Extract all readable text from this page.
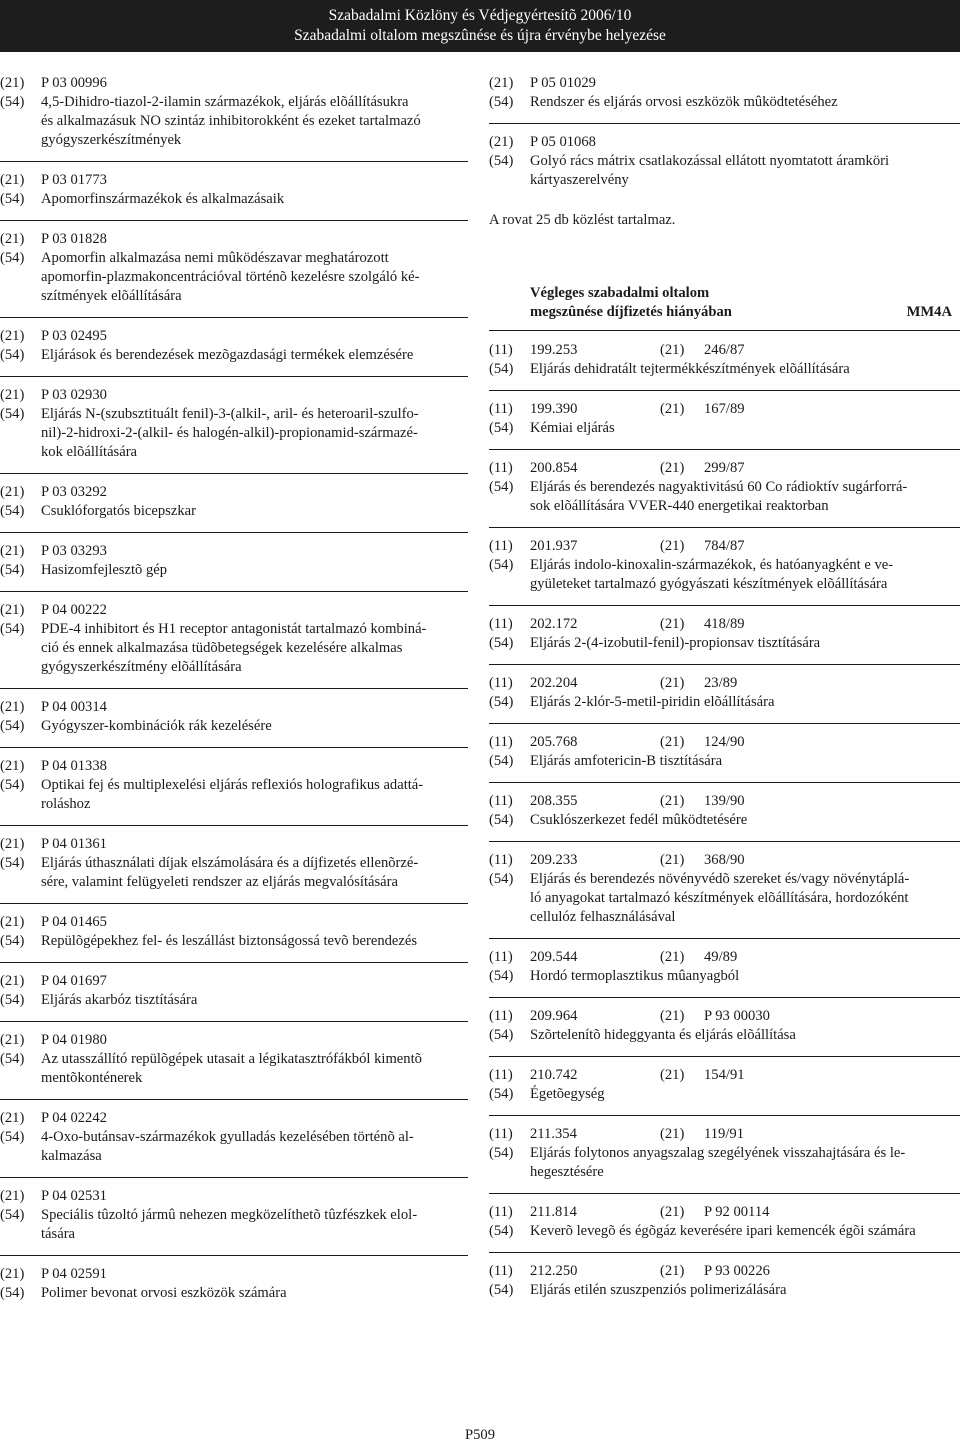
Szabadalmi Közlöny és Védjegyértesítõ 2006/10
Szabadalmi oltalom megszûnése és újra érvénybe helyezése
(21)	P 03 00996
(54)	4,5-Dihidro-tiazol-2-ilamin származékok, eljárás elõállításukra
és alkalmazásuk NO szintáz inhibitorokként és ezeket tartalmazó
gyógyszerkészítmények
(21)	P 03 01773
(54)	Apomorfinszármazékok és alkalmazásaik
(21)	P 03 01828
(54)	Apomorfin alkalmazása nemi mûködészavar meghatározott
apomorfin-plazmakoncentrációval történõ kezelésre szolgáló ké-
szítmények elõállítására
(21)	P 03 02495
(54)	Eljárások és berendezések mezõgazdasági termékek elemzésére
(21)	P 03 02930
(54)	Eljárás N-(szubsztituált fenil)-3-(alkil-, aril- és heteroaril-szulfo-
nil)-2-hidroxi-2-(alkil- és halogén-alkil)-propionamid-származé-
kok elõállítására
(21)	P 03 03292
(54)	Csuklóforgatós bicepszkar
(21)	P 03 03293
(54)	Hasizomfejlesztõ gép
(21)	P 04 00222
(54)	PDE-4 inhibitort és H1 receptor antagonistát tartalmazó kombiná-
ció és ennek alkalmazása tüdõbetegségek kezelésére alkalmas
gyógyszerkészítmény elõállítására
(21)	P 04 00314
(54)	Gyógyszer-kombinációk rák kezelésére
(21)	P 04 01338
(54)	Optikai fej és multiplexelési eljárás reflexiós holografikus adattá-
roláshoz
(21)	P 04 01361
(54)	Eljárás úthasználati díjak elszámolására és a díjfizetés ellenõrzé-
sére, valamint felügyeleti rendszer az eljárás megvalósítására
(21)	P 04 01465
(54)	Repülõgépekhez fel- és leszállást biztonságossá tevõ berendezés
(21)	P 04 01697
(54)	Eljárás akarbóz tisztítására
(21)	P 04 01980
(54)	Az utasszállító repülõgépek utasait a légikatasztrófákból kimentõ
mentõkonténerek
(21)	P 04 02242
(54)	4-Oxo-butánsav-származékok gyulladás kezelésében történõ al-
kalmazása
(21)	P 04 02531
(54)	Speciális tûzoltó jármû nehezen megközelíthetõ tûzfészkek elol-
tására
(21)	P 04 02591
(54)	Polimer bevonat orvosi eszközök számára
(21)	P 05 01029
(54)	Rendszer és eljárás orvosi eszközök mûködtetéséhez
(21)	P 05 01068
(54)	Golyó rács mátrix csatlakozással ellátott nyomtatott áramköri
kártyaszerelvény
A rovat 25 db közlést tartalmaz.
Végleges szabadalmi oltalom
megszûnése díjfizetés hiányában	MM4A
(11)	199.253	(21) 246/87
(54)	Eljárás dehidratált tejtermékkészítmények elõállítására
(11)	199.390	(21) 167/89
(54)	Kémiai eljárás
(11)	200.854	(21) 299/87
(54)	Eljárás és berendezés nagyaktivitású 60 Co rádioktív sugárforrá-
sok elõállítására VVER-440 energetikai reaktorban
(11)	201.937	(21) 784/87
(54)	Eljárás indolo-kinoxalin-származékok, és hatóanyagként e ve-
gyületeket tartalmazó gyógyászati készítmények elõállítására
(11)	202.172	(21) 418/89
(54)	Eljárás 2-(4-izobutil-fenil)-propionsav tisztítására
(11)	202.204	(21) 23/89
(54)	Eljárás 2-klór-5-metil-piridin elõállítására
(11)	205.768	(21) 124/90
(54)	Eljárás amfotericin-B tisztítására
(11)	208.355	(21) 139/90
(54)	Csuklószerkezet fedél mûködtetésére
(11)	209.233	(21) 368/90
(54)	Eljárás és berendezés növényvédõ szereket és/vagy növénytáplá-
ló anyagokat tartalmazó készítmények elõállítására, hordozóként
cellulóz felhasználásával
(11)	209.544	(21) 49/89
(54)	Hordó termoplasztikus mûanyagból
(11)	209.964	(21) P 93 00030
(54)	Szõrtelenítõ hideggyanta és eljárás elõállítása
(11)	210.742	(21) 154/91
(54)	Égetõegység
(11)	211.354	(21) 119/91
(54)	Eljárás folytonos anyagszalag szegélyének visszahajtására és le-
hegesztésére
(11)	211.814	(21) P 92 00114
(54)	Keverõ levegõ és égõgáz keverésére ipari kemencék égõi számára
(11)	212.250	(21) P 93 00226
(54)	Eljárás etilén szuszpenziós polimerizálására
P509
